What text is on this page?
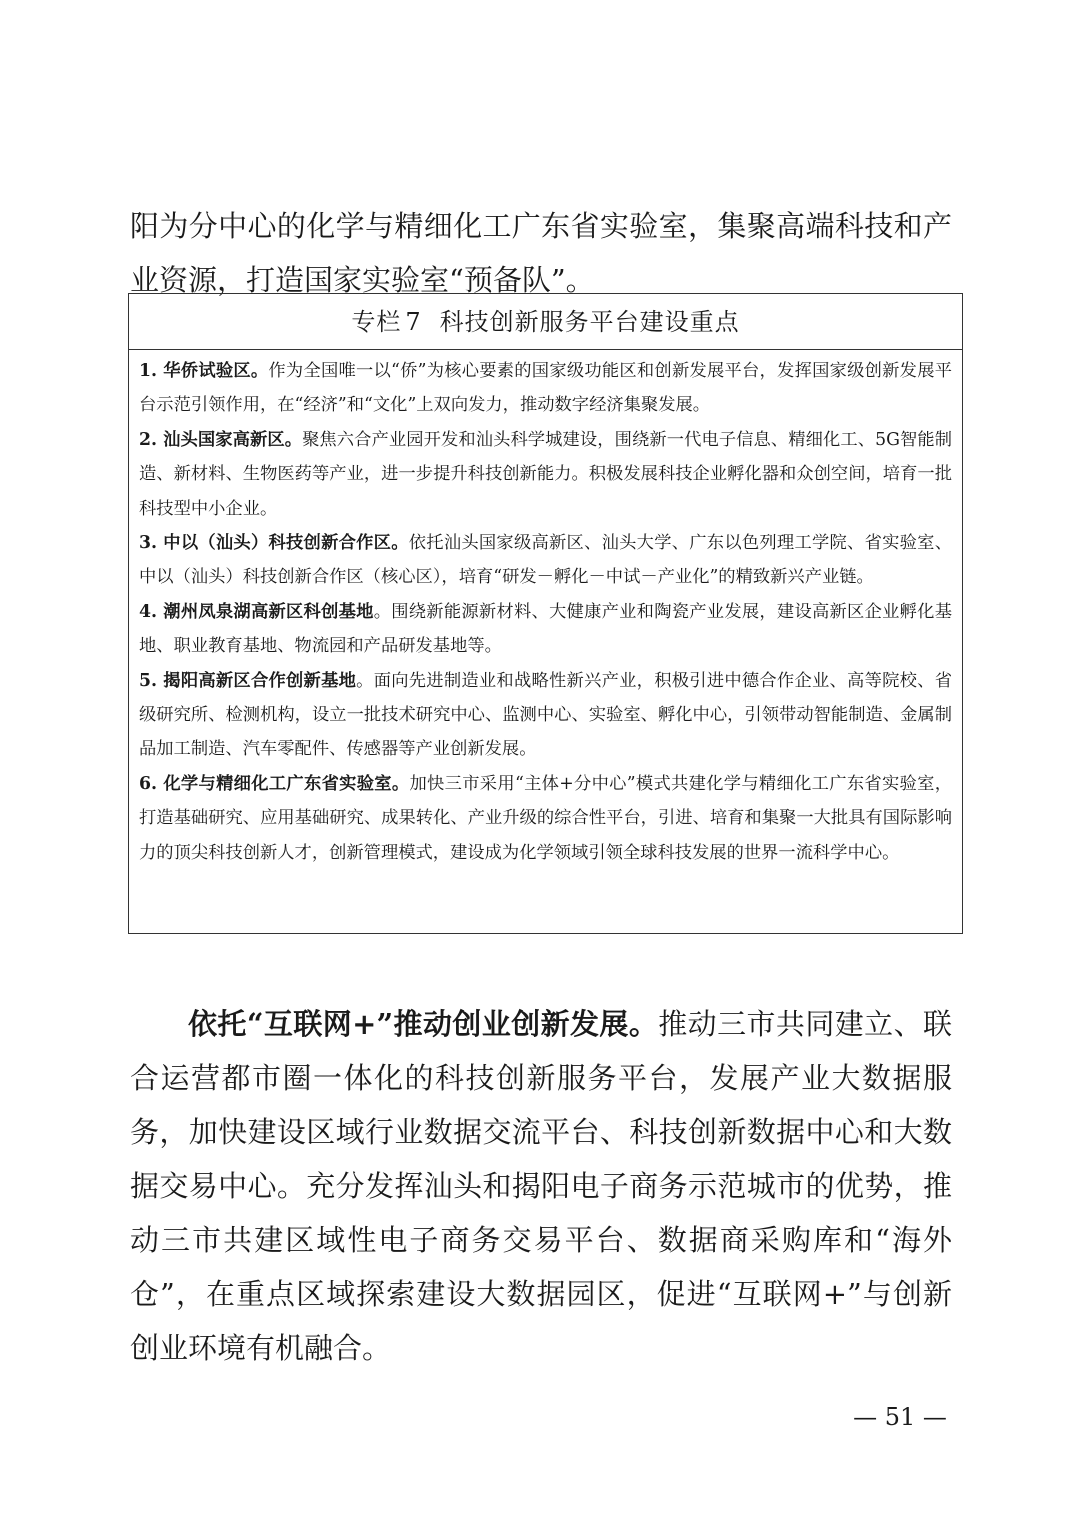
阳为分中心的化学与精细化工广东省实验室，集聚高端科技和产业资源，打造国家实验室“预备队”。

专栏 7 科技创新服务平台建设重点

1. 华侨试验区。作为全国唯一以“侨”为核心要素的国家级功能区和创新发展平台，发挥国家级创新发展平台示范引领作用，在“经济”和“文化”上双向发力，推动数字经济集聚发展。

2. 汕头国家高新区。聚焦六合产业园开发和汕头科学城建设，围绕新一代电子信息、精细化工、5G智能制造、新材料、生物医药等产业，进一步提升科技创新能力。积极发展科技企业孵化器和众创空间，培育一批科技型中小企业。

3. 中以（汕头）科技创新合作区。依托汕头国家级高新区、汕头大学、广东以色列理工学院、省实验室、中以（汕头）科技创新合作区（核心区），培育“研发－孵化－中试－产业化”的精致新兴产业链。

4. 潮州凤泉湖高新区科创基地。围绕新能源新材料、大健康产业和陶瓷产业发展，建设高新区企业孵化基地、职业教育基地、物流园和产品研发基地等。

5. 揭阳高新区合作创新基地。面向先进制造业和战略性新兴产业，积极引进中德合作企业、高等院校、省级研究所、检测机构，设立一批技术研究中心、监测中心、实验室、孵化中心，引领带动智能制造、金属制品加工制造、汽车零配件、传感器等产业创新发展。

6. 化学与精细化工广东省实验室。加快三市采用“主体+分中心”模式共建化学与精细化工广东省实验室，打造基础研究、应用基础研究、成果转化、产业升级的综合性平台，引进、培育和集聚一大批具有国际影响力的顶尖科技创新人才，创新管理模式，建设成为化学领域引领全球科技发展的世界一流科学中心。

依托“互联网+”推动创业创新发展。推动三市共同建立、联合运营都市圈一体化的科技创新服务平台，发展产业大数据服务，加快建设区域行业数据交流平台、科技创新数据中心和大数据交易中心。充分发挥汕头和揭阳电子商务示范城市的优势，推动三市共建区域性电子商务交易平台、数据商采购库和“海外仓”，在重点区域探索建设大数据园区，促进“互联网+”与创新创业环境有机融合。

— 51 —
